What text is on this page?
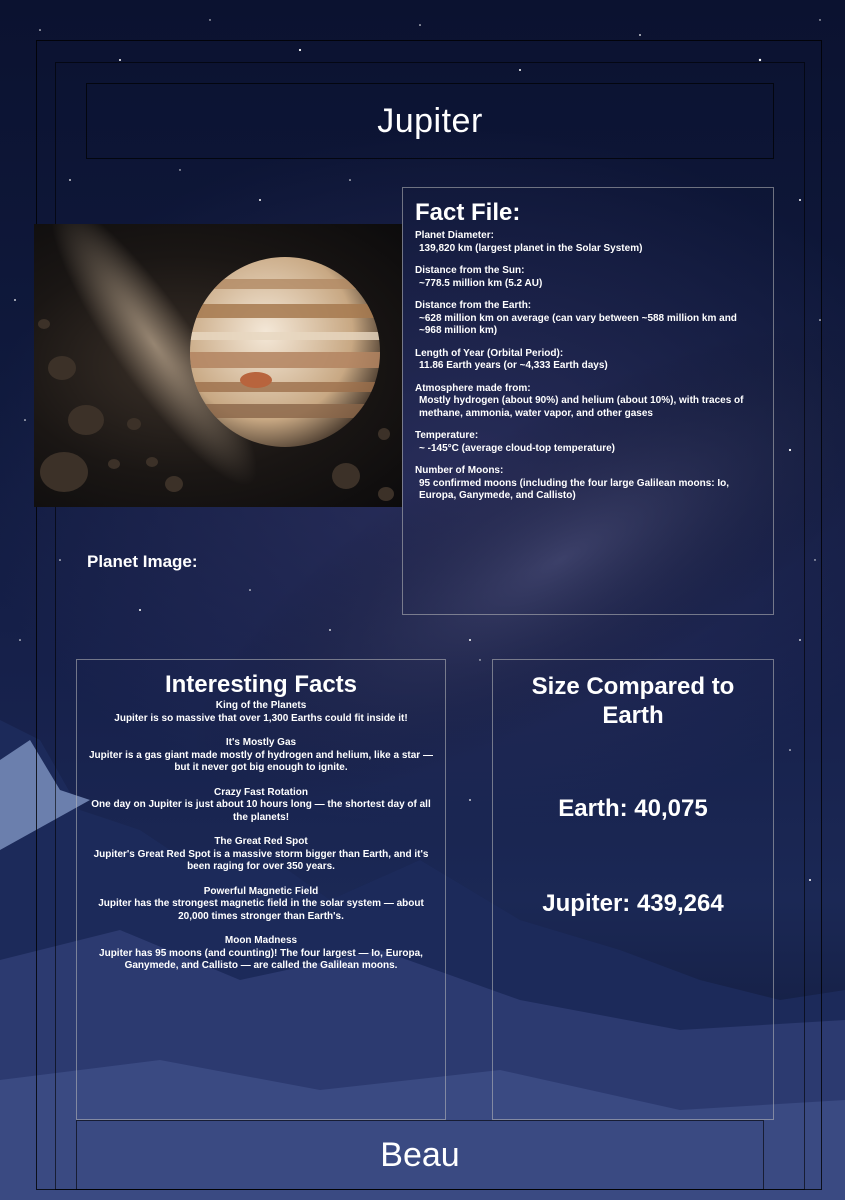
Jupiter
Planet Image:
Fact File:
Planet Diameter:
139,820 km (largest planet in the Solar System)
Distance from the Sun:
~778.5 million km (5.2 AU)
Distance from the Earth:
~628 million km on average (can vary between ~588 million km and ~968 million km)
Length of Year (Orbital Period):
11.86 Earth years (or ~4,333 Earth days)
Atmosphere made from:
Mostly hydrogen (about 90%) and helium (about 10%), with traces of methane, ammonia, water vapor, and other gases
Temperature:
~ -145°C (average cloud-top temperature)
Number of Moons:
95 confirmed moons (including the four large Galilean moons: Io, Europa, Ganymede, and Callisto)
Interesting Facts
King of the Planets
Jupiter is so massive that over 1,300 Earths could fit inside it!
It's Mostly Gas
Jupiter is a gas giant made mostly of hydrogen and helium, like a star — but it never got big enough to ignite.
Crazy Fast Rotation
One day on Jupiter is just about 10 hours long — the shortest day of all the planets!
The Great Red Spot
Jupiter's Great Red Spot is a massive storm bigger than Earth, and it's been raging for over 350 years.
Powerful Magnetic Field
Jupiter has the strongest magnetic field in the solar system — about 20,000 times stronger than Earth's.
Moon Madness
Jupiter has 95 moons (and counting)! The four largest — Io, Europa, Ganymede, and Callisto — are called the Galilean moons.
Size Compared to Earth
Earth: 40,075
Jupiter: 439,264
Beau
